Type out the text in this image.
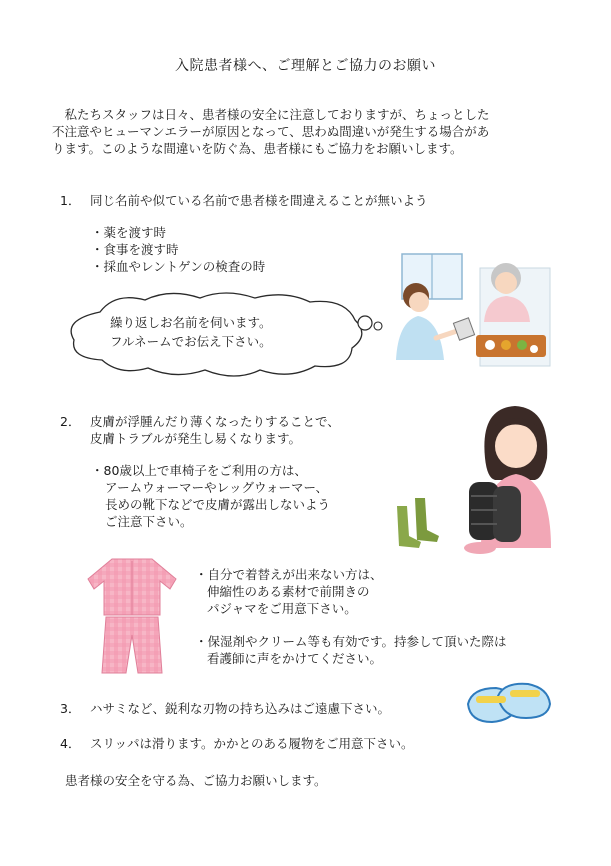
入院患者様へ、ご理解とご協力のお願い
　私たちスタッフは日々、患者様の安全に注意しておりますが、ちょっとした
不注意やヒューマンエラーが原因となって、思わぬ間違いが発生する場合があ
ります。このような間違いを防ぐ為、患者様にもご協力をお願いします。
1． 同じ名前や似ている名前で患者様を間違えることが無いよう
・薬を渡す時
・食事を渡す時
・採血やレントゲンの検査の時
繰り返しお名前を伺います。
フルネームでお伝え下さい。
2． 皮膚が浮腫んだり薄くなったりすることで、
皮膚トラブルが発生し易くなります。
・80歳以上で車椅子をご利用の方は、
アームウォーマーやレッグウォーマー、
長めの靴下などで皮膚が露出しないよう
ご注意下さい。
・自分で着替えが出来ない方は、
伸縮性のある素材で前開きの
パジャマをご用意下さい。
・保湿剤やクリーム等も有効です。持参して頂いた際は
看護師に声をかけてください。
3． ハサミなど、鋭利な刃物の持ち込みはご遠慮下さい。
4． スリッパは滑ります。かかとのある履物をご用意下さい。
患者様の安全を守る為、ご協力お願いします。
